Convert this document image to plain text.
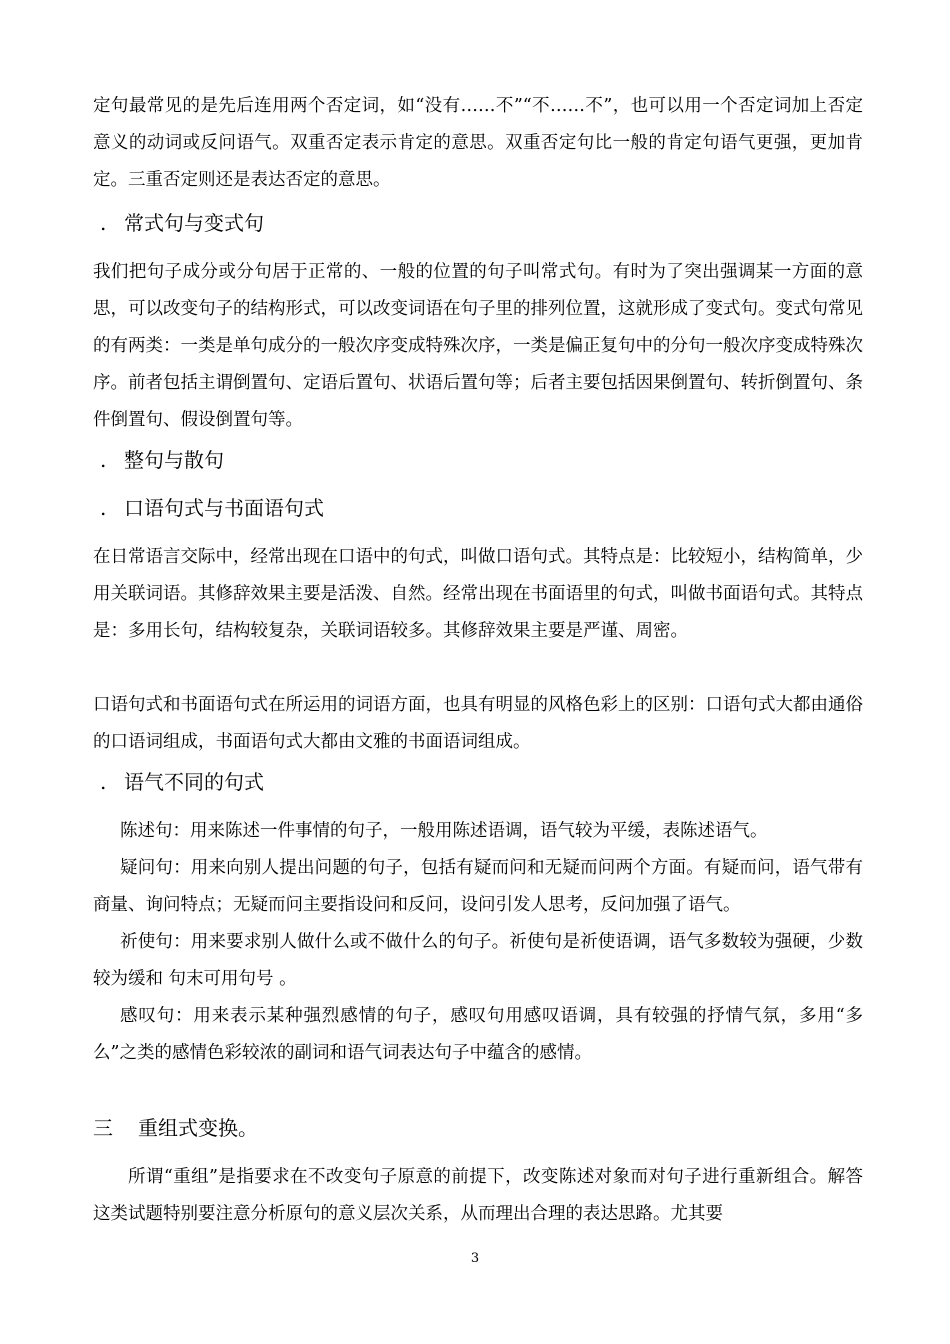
定句最常见的是先后连用两个否定词，如“没有……不”“不……不”，也可以用一个否定词加上否定意义的动词或反问语气。双重否定表示肯定的意思。双重否定句比一般的肯定句语气更强，更加肯定。三重否定则还是表达否定的意思。

. 常式句与变式句

我们把句子成分或分句居于正常的、一般的位置的句子叫常式句。有时为了突出强调某一方面的意思，可以改变句子的结构形式，可以改变词语在句子里的排列位置，这就形成了变式句。变式句常见的有两类：一类是单句成分的一般次序变成特殊次序，一类是偏正复句中的分句一般次序变成特殊次序。前者包括主谓倒置句、定语后置句、状语后置句等；后者主要包括因果倒置句、转折倒置句、条件倒置句、假设倒置句等。

. 整句与散句
. 口语句式与书面语句式

在日常语言交际中，经常出现在口语中的句式，叫做口语句式。其特点是：比较短小，结构简单，少用关联词语。其修辞效果主要是活泼、自然。经常出现在书面语里的句式，叫做书面语句式。其特点是：多用长句，结构较复杂，关联词语较多。其修辞效果主要是严谨、周密。

口语句式和书面语句式在所运用的词语方面，也具有明显的风格色彩上的区别：口语句式大都由通俗的口语词组成，书面语句式大都由文雅的书面语词组成。

. 语气不同的句式

陈述句：用来陈述一件事情的句子，一般用陈述语调，语气较为平缓，表陈述语气。

疑问句：用来向别人提出问题的句子，包括有疑而问和无疑而问两个方面。有疑而问，语气带有商量、询问特点；无疑而问主要指设问和反问，设问引发人思考，反问加强了语气。

祈使句：用来要求别人做什么或不做什么的句子。祈使句是祈使语调，语气多数较为强硬，少数较为缓和 句末可用句号 。

感叹句：用来表示某种强烈感情的句子，感叹句用感叹语调，具有较强的抒情气氛，多用“多么”之类的感情色彩较浓的副词和语气词表达句子中蕴含的感情。

三 重组式变换。

所谓“重组”是指要求在不改变句子原意的前提下，改变陈述对象而对句子进行重新组合。解答这类试题特别要注意分析原句的意义层次关系，从而理出合理的表达思路。尤其要

3
